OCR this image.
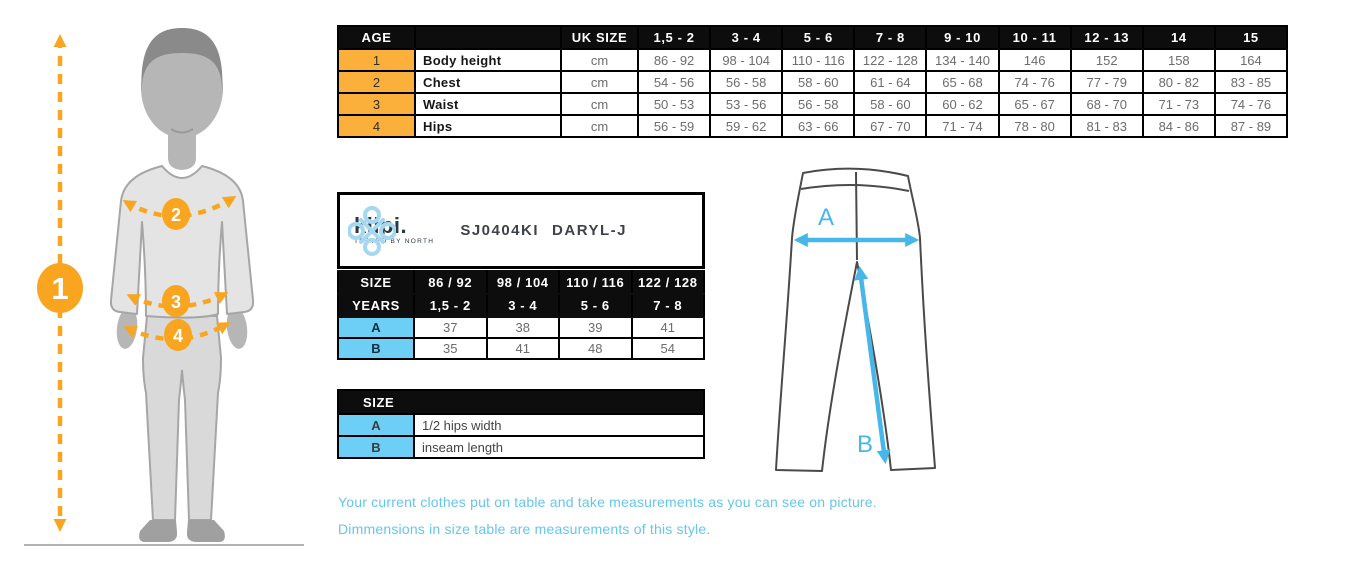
1
2
3
4
AGE		UK SIZE	1,5 - 2	3 - 4	5 - 6	7 - 8	9 - 10	10 - 11	12 - 13	14	15
1	Body height	cm	86 - 92	98 - 104	110 - 116	122 - 128	134 - 140	146	152	158	164
2	Chest	cm	54 - 56	56 - 58	58 - 60	61 - 64	65 - 68	74 - 76	77 - 79	80 - 82	83 - 85
3	Waist	cm	50 - 53	53 - 56	56 - 58	58 - 60	60 - 62	65 - 67	68 - 70	71 - 73	74 - 76
4	Hips	cm	56 - 59	59 - 62	63 - 66	67 - 70	71 - 74	78 - 80	81 - 83	84 - 86	87 - 89
kilpi.
TESTED BY NORTH
SJ0404KI DARYL-J
SIZE	86 / 92	98 / 104	110 / 116	122 / 128
YEARS	1,5 - 2	3 - 4	5 - 6	7 - 8
A	37	38	39	41
B	35	41	48	54
SIZE	
A	1/2 hips width
B	inseam length
A
B

Your current clothes put on table and take measurements as you can see on picture.

Dimmensions in size table are measurements of this style.
